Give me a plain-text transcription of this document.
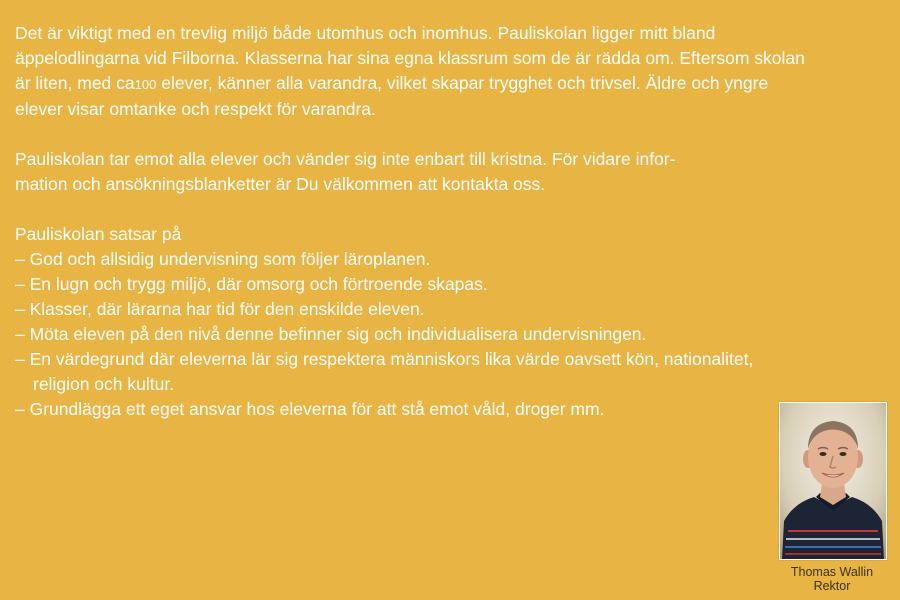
Det är viktigt med en trevlig miljö både utomhus och inomhus. Pauliskolan ligger mitt bland äppelodlingarna vid Filborna. Klasserna har sina egna klassrum som de är rädda om. Eftersom skolan är liten, med ca100 elever, känner alla varandra, vilket skapar trygghet och trivsel. Äldre och yngre elever visar omtanke och respekt för varandra.

Pauliskolan tar emot alla elever och vänder sig inte enbart till kristna. För vidare infor-
mation och ansökningsblanketter är Du välkommen att kontakta oss.

Pauliskolan satsar på
– God och allsidig undervisning som följer läroplanen.
– En lugn och trygg miljö, där omsorg och förtroende skapas.
– Klasser, där lärarna har tid för den enskilde eleven.
– Möta eleven på den nivå denne befinner sig och individualisera undervisningen.
– En värdegrund där eleverna lär sig respektera människors lika värde oavsett kön, nationalitet, religion och kultur.
– Grundlägga ett eget ansvar hos eleverna för att stå emot våld, droger mm.
Thomas Wallin
Rektor
